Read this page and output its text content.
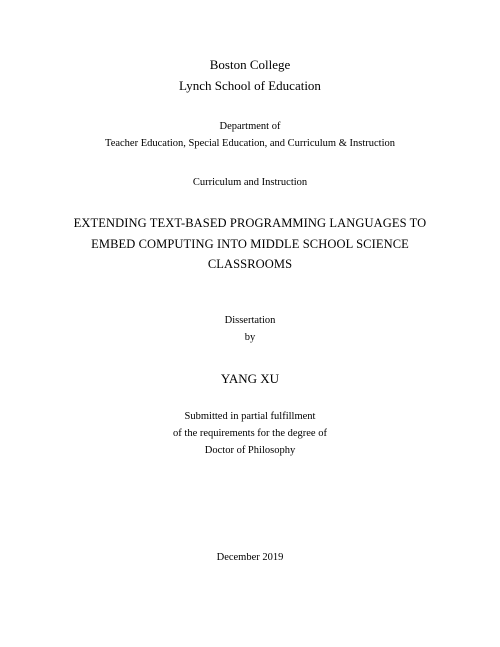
Boston College
Lynch School of Education
Department of
Teacher Education, Special Education, and Curriculum & Instruction
Curriculum and Instruction
EXTENDING TEXT-BASED PROGRAMMING LANGUAGES TO
EMBED COMPUTING INTO MIDDLE SCHOOL SCIENCE
CLASSROOMS
Dissertation
by
YANG XU
Submitted in partial fulfillment
of the requirements for the degree of
Doctor of Philosophy
December 2019
